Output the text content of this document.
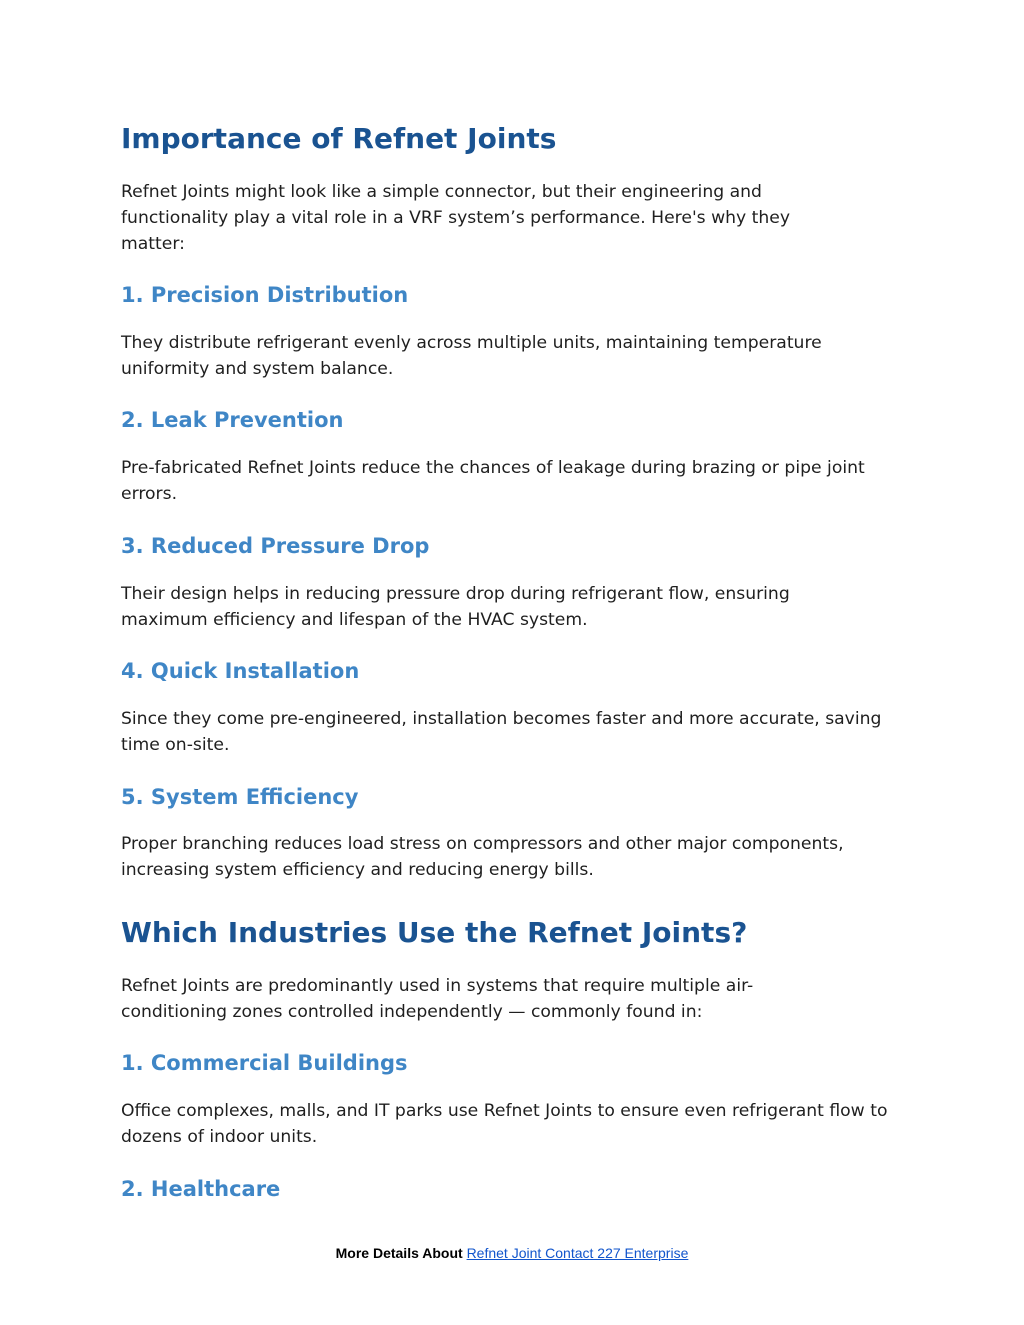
Importance of Refnet Joints

Refnet Joints might look like a simple connector, but their engineering and functionality play a vital role in a VRF system’s performance. Here's why they matter:

1. Precision Distribution

They distribute refrigerant evenly across multiple units, maintaining temperature uniformity and system balance.

2. Leak Prevention

Pre-fabricated Refnet Joints reduce the chances of leakage during brazing or pipe joint errors.

3. Reduced Pressure Drop

Their design helps in reducing pressure drop during refrigerant flow, ensuring maximum efficiency and lifespan of the HVAC system.

4. Quick Installation

Since they come pre-engineered, installation becomes faster and more accurate, saving time on-site.

5. System Efficiency

Proper branching reduces load stress on compressors and other major components, increasing system efficiency and reducing energy bills.

Which Industries Use the Refnet Joints?

Refnet Joints are predominantly used in systems that require multiple air-conditioning zones controlled independently — commonly found in:

1. Commercial Buildings

Office complexes, malls, and IT parks use Refnet Joints to ensure even refrigerant flow to dozens of indoor units.

2. Healthcare
More Details About Refnet Joint Contact 227 Enterprise
